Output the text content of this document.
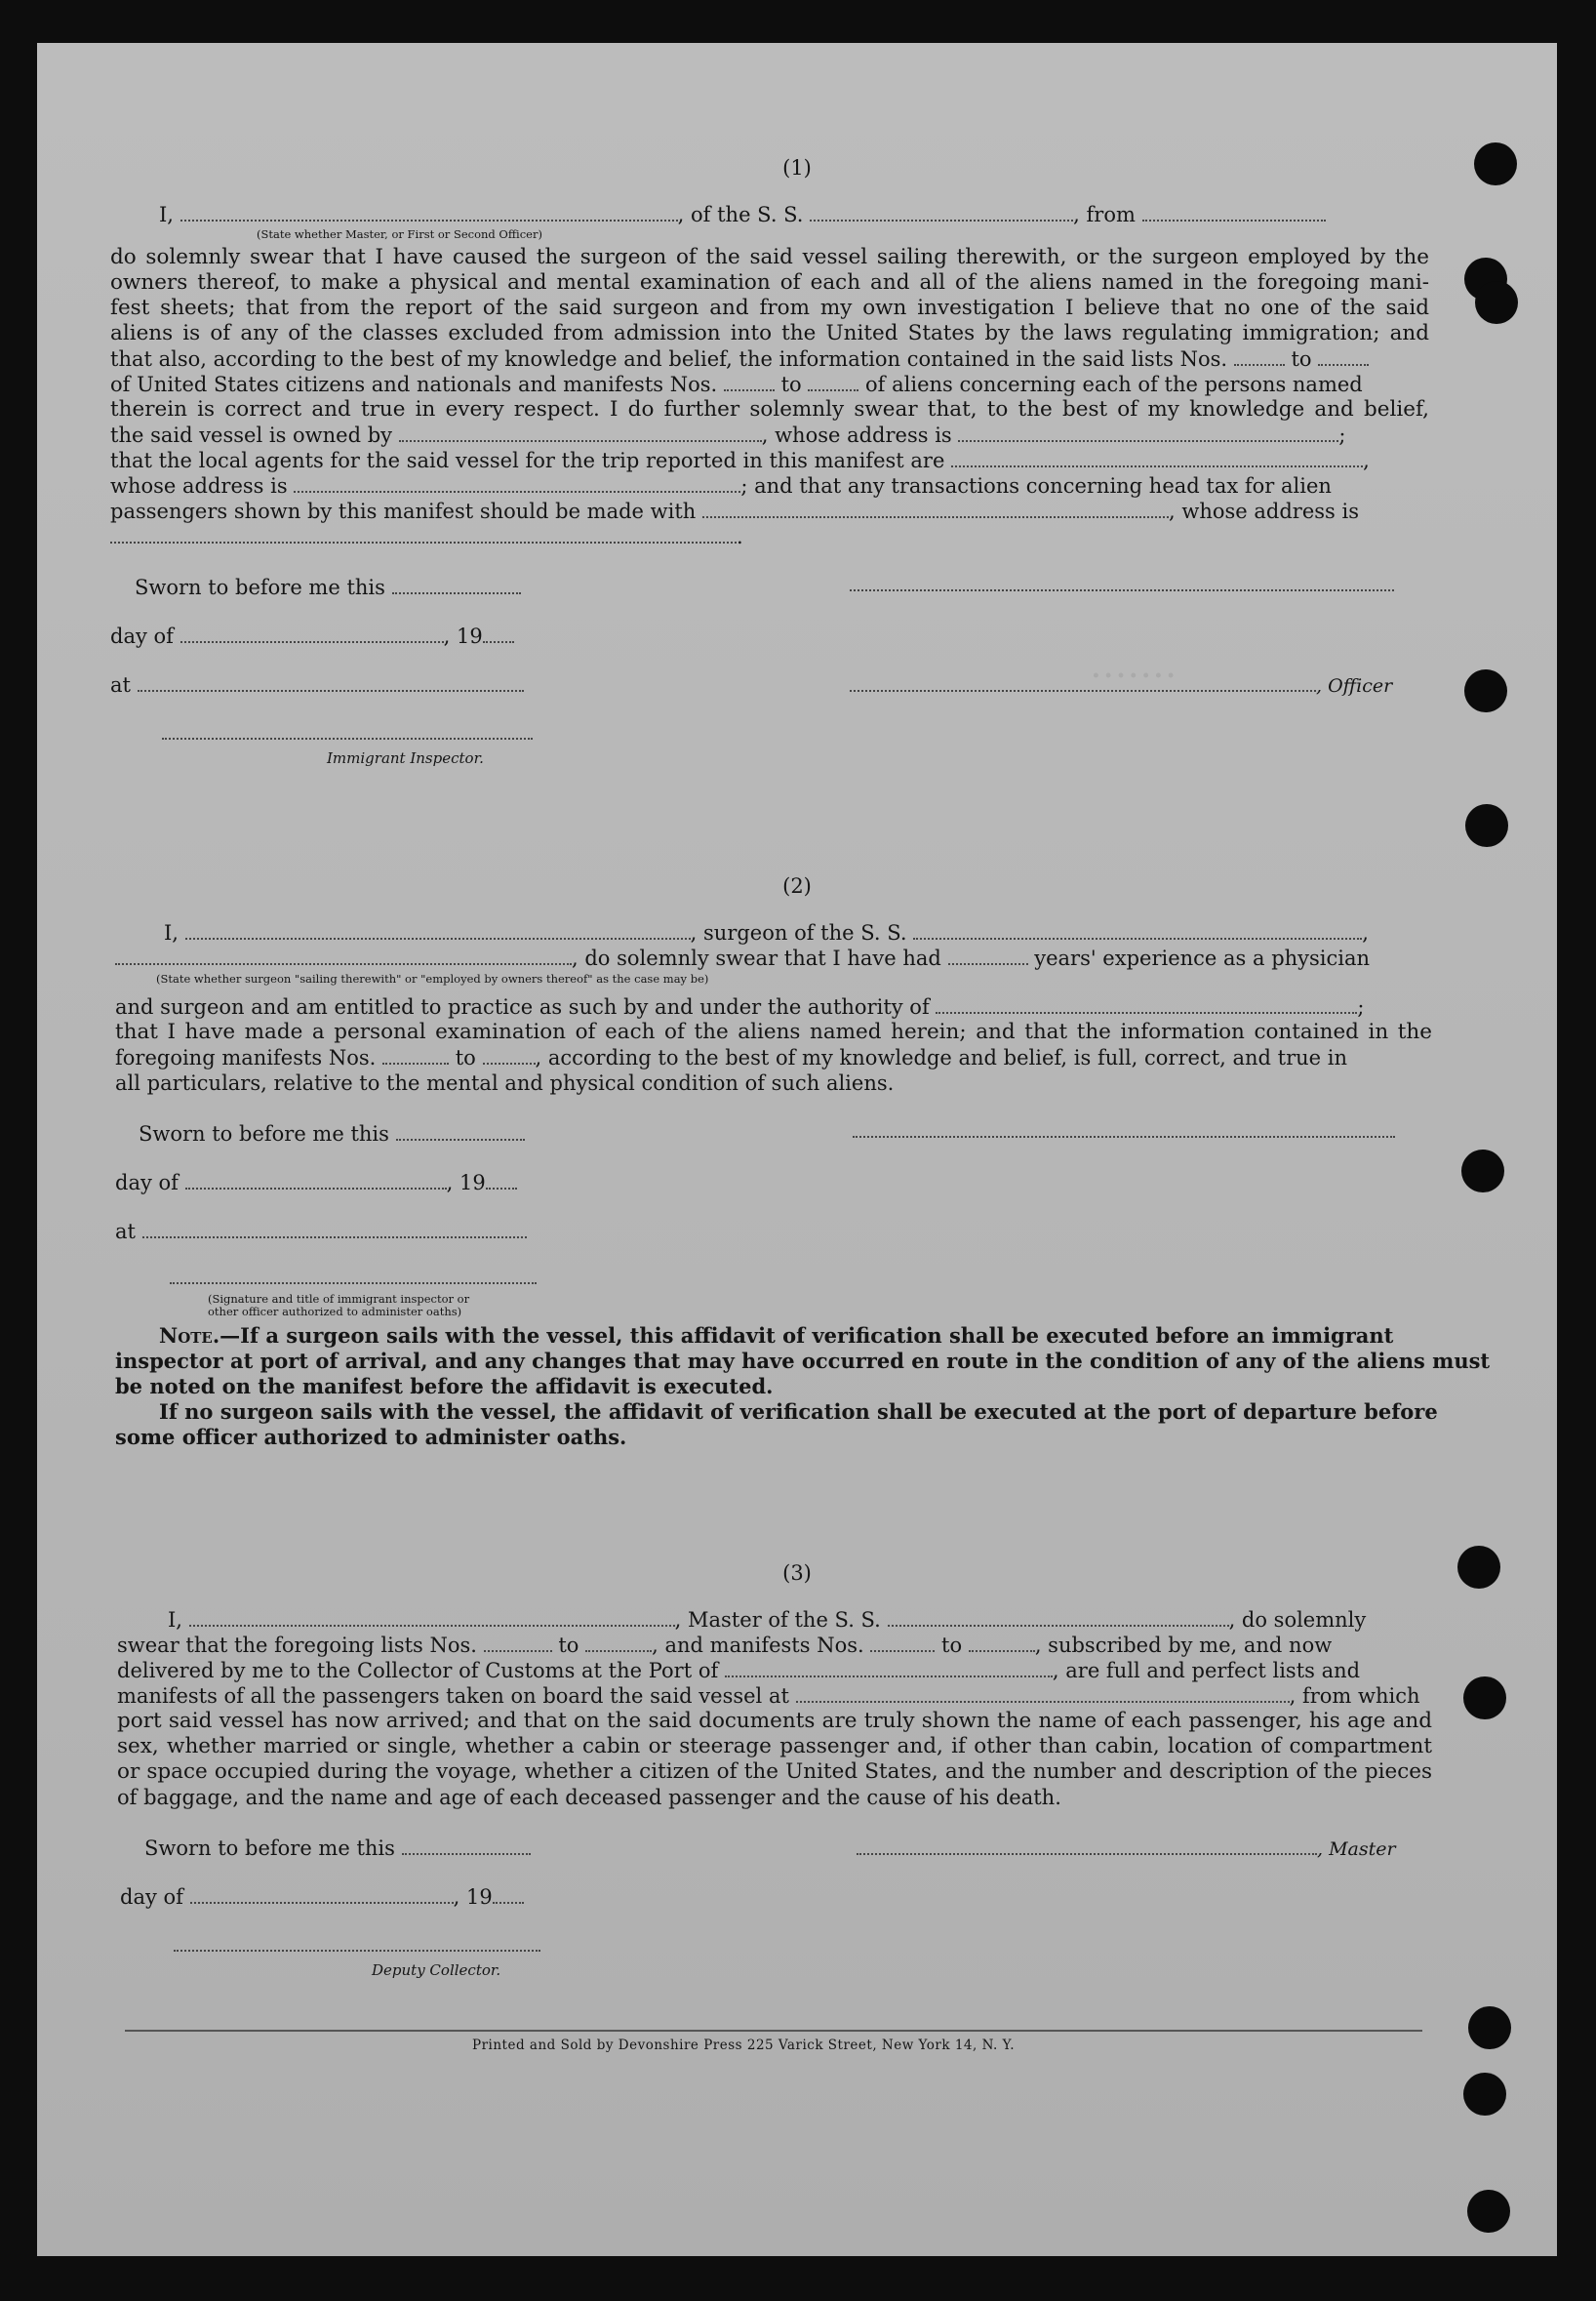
•••••••
(1)
I,	, of the S. S.	, from
(State whether Master, or First or Second Officer)
do solemnly swear that I have caused the surgeon of the said vessel sailing therewith, or the surgeon employed by the
owners thereof, to make a physical and mental examination of each and all of the aliens named in the foregoing mani-
fest sheets; that from the report of the said surgeon and from my own investigation I believe that no one of the said
aliens is of any of the classes excluded from admission into the United States by the laws regulating immigration; and
that also, according to the best of my knowledge and belief, the information contained in the said lists Nos.	to
of United States citizens and nationals and manifests Nos.	to	of aliens concerning each of the persons named
therein is correct and true in every respect. I do further solemnly swear that, to the best of my knowledge and belief,
the said vessel is owned by	, whose address is	;
that the local agents for the said vessel for the trip reported in this manifest are	,
whose address is	; and that any transactions concerning head tax for alien
passengers shown by this manifest should be made with	, whose address is
.
Sworn to before me this
day of	, 19
at	, Officer
Immigrant Inspector.
(2)
I,	, surgeon of the S. S.	,
, do solemnly swear that I have had	years' experience as a physician
(State whether surgeon "sailing therewith" or "employed by owners thereof" as the case may be)
and surgeon and am entitled to practice as such by and under the authority of	;
that I have made a personal examination of each of the aliens named herein; and that the information contained in the
foregoing manifests Nos.	to	, according to the best of my knowledge and belief, is full, correct, and true in
all particulars, relative to the mental and physical condition of such aliens.
Sworn to before me this
day of	, 19
at
(Signature and title of immigrant inspector or
other officer authorized to administer oaths)
Note.—If a surgeon sails with the vessel, this affidavit of verification shall be executed before an immigrant
inspector at port of arrival, and any changes that may have occurred en route in the condition of any of the aliens must
be noted on the manifest before the affidavit is executed.
If no surgeon sails with the vessel, the affidavit of verification shall be executed at the port of departure before
some officer authorized to administer oaths.
(3)
I,	, Master of the S. S.	, do solemnly
swear that the foregoing lists Nos.	to	, and manifests Nos.	to	, subscribed by me, and now
delivered by me to the Collector of Customs at the Port of	, are full and perfect lists and
manifests of all the passengers taken on board the said vessel at	, from which
port said vessel has now arrived; and that on the said documents are truly shown the name of each passenger, his age and
sex, whether married or single, whether a cabin or steerage passenger and, if other than cabin, location of compartment
or space occupied during the voyage, whether a citizen of the United States, and the number and description of the pieces
of baggage, and the name and age of each deceased passenger and the cause of his death.
Sworn to before me this	, Master
day of	, 19
Deputy Collector.
Printed and Sold by Devonshire Press 225 Varick Street, New York 14, N. Y.
